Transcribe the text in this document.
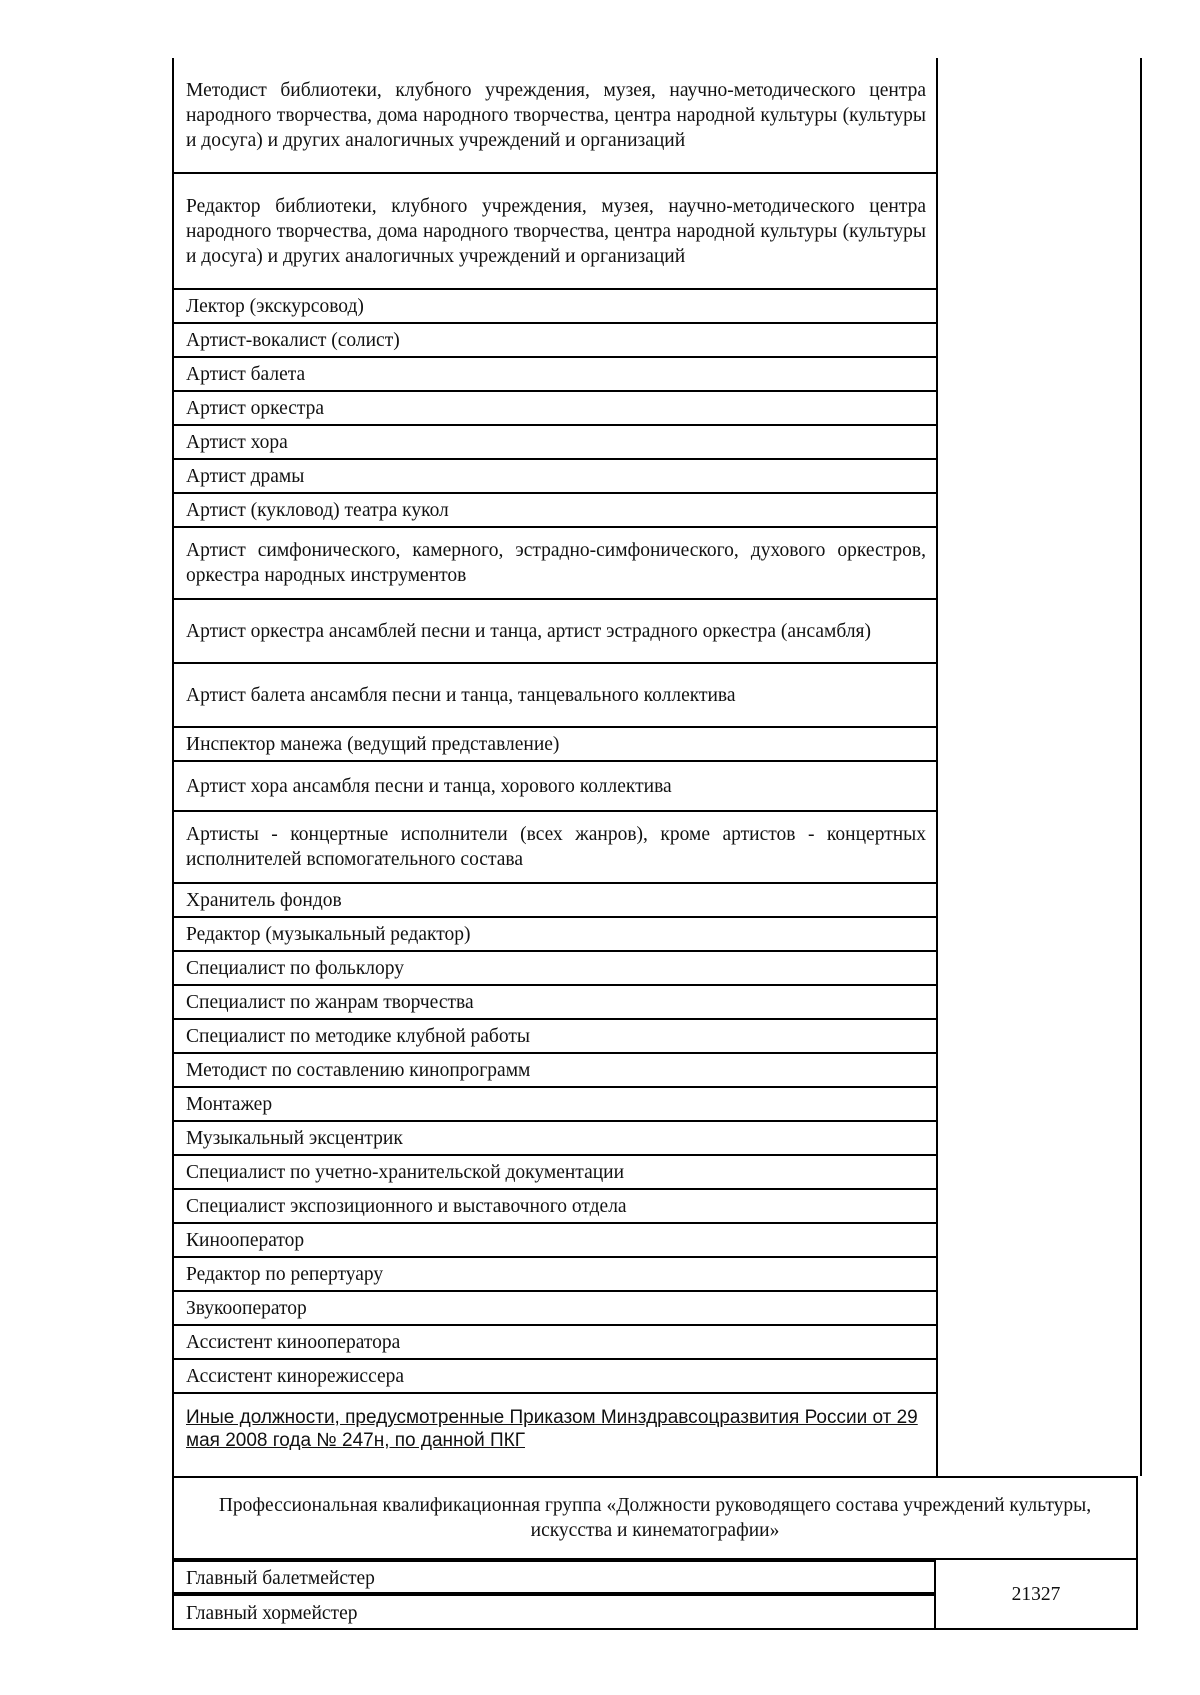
Методист библиотеки, клубного учреждения, музея, научно-методического центра народного творчества, дома народного творчества, центра народной культуры (культуры и досуга) и других аналогичных учреждений и организаций
Редактор библиотеки, клубного учреждения, музея, научно-методического центра народного творчества, дома народного творчества, центра народной культуры (культуры и досуга) и других аналогичных учреждений и организаций
Лектор (экскурсовод)
Артист-вокалист (солист)
Артист балета
Артист оркестра
Артист хора
Артист драмы
Артист (кукловод) театра кукол
Артист симфонического, камерного, эстрадно-симфонического, духового оркестров, оркестра народных инструментов
Артист оркестра ансамблей песни и танца, артист эстрадного оркестра (ансамбля)
Артист балета ансамбля песни и танца, танцевального коллектива
Инспектор манежа (ведущий представление)
Артист хора ансамбля песни и танца, хорового коллектива
Артисты - концертные исполнители (всех жанров), кроме артистов - концертных исполнителей вспомогательного состава
Хранитель фондов
Редактор (музыкальный редактор)
Специалист по фольклору
Специалист по жанрам творчества
Специалист по методике клубной работы
Методист по составлению кинопрограмм
Монтажер
Музыкальный эксцентрик
Специалист по учетно-хранительской документации
Специалист экспозиционного и выставочного отдела
Кинооператор
Редактор по репертуару
Звукооператор
Ассистент кинооператора
Ассистент кинорежиссера
Иные должности, предусмотренные Приказом Минздравсоцразвития России от 29 мая 2008 года № 247н, по данной ПКГ
Профессиональная квалификационная группа «Должности руководящего состава учреждений культуры, искусства и кинематографии»
Главный балетмейстер
Главный хормейстер
21327
